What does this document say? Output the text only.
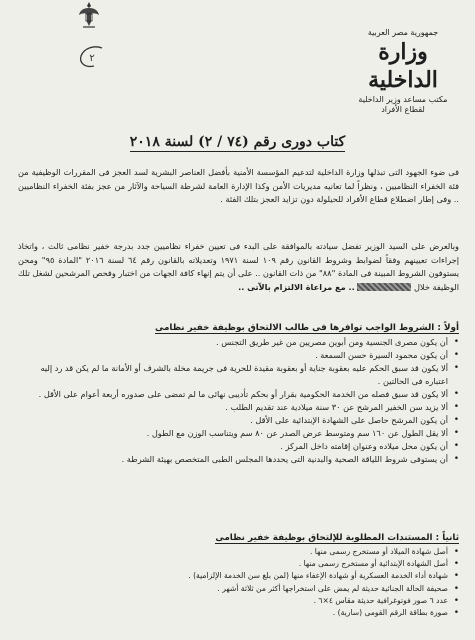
جمهورية مصر العربية
وزارة الداخلية
مكتب مساعد وزير الداخلية
لقطاع الأفراد
٢
كتاب دورى رقم (٧٤ / ٢) لسنة ٢٠١٨
فى ضوء الجهود التى تبذلها وزارة الداخلية لتدعيم المؤسسة الأمنية بأفضل العناصر البشرية لسد العجز فى المقررات الوظيفية من فئة الخفراء النظاميين ، ونظراً لما تعانيه مديريات الأمن وكذا الإدارة العامة لشرطة السياحة والآثار من عجز بفئة الخفراء النظاميين .. وفى إطار اضطلاع قطاع الأفراد للحيلولة دون تزايد العجز بتلك الفئة .
وبالعرض على السيد الوزير تفضل سيادته بالموافقة على البدء فى تعيين خفراء نظاميين جدد بدرجة خفير نظامى ثالث ، واتخاذ إجراءات تعيينهم وفقاً لضوابط وشروط القانون رقم ١٠٩ لسنة ١٩٧١ وتعديلاته بالقانون رقم ٦٤ لسنة ٢٠١٦ "المادة ٩٥" ومحن يستوفون الشروط المبينة فى المادة "٨٨" من ذات القانون .. على أن يتم إنهاء كافة الجهات من اختبار وفحص المرشحين لشغل تلك الوظيفة خلال  .. مع مراعاة الالتزام بالآتى ..
أولاً : الشروط الواجب توافرها فى طالب الالتحاق بوظيفة خفير نظامى
• أن يكون مصرى الجنسية ومن أبوين مصريين من غير طريق التجنس .
• أن يكون محمود السيرة حسن السمعة .
• ألا يكون قد سبق الحكم عليه بعقوبة جناية أو بعقوبة مقيدة للحرية فى جريمة مخلة بالشرف أو الأمانة ما لم يكن قد رد إليه اعتباره فى الحالتين .
• ألا يكون قد سبق فصله من الخدمة الحكومية بقرار أو بحكم تأديبى نهائى ما لم تمضى على صدوره أربعة أعوام على الأقل .
• ألا يزيد سن الخفير المرشح عن ٣٠ سنة ميلادية عند تقديم الطلب .
• أن يكون المرشح حاصل على الشهادة الإبتدائية على الأقل .
• ألا يقل الطول عن ١٦٠ سم ومتوسط عرض الصدر عن ٨٠ سم ويتناسب الوزن مع الطول .
• أن يكون محل ميلاده وعنوان إقامته داخل المركز .
• أن يستوفى شروط اللياقة الصحية والبدنية التى يحددها المجلس الطبى المتخصص بهيئة الشرطة .
ثانياً : المستندات المطلوبة للإلتحاق بوظيفة خفير نظامى
• أصل شهادة الميلاد أو مستخرج رسمى منها .
• أصل الشهادة الإبتدائية أو مستخرج رسمى منها .
• شهادة أداء الخدمة العسكرية أو شهادة الإعفاء منها (لمن بلغ سن الخدمة الإلزامية) .
• صحيفة الحالة الجنائية حديثة لم يمض على استخراجها أكثر من ثلاثة أشهر .
• عدد ٦ صور فوتوغرافية حديثة مقاس ٤×٦ .
• صورة بطاقة الرقم القومى (سارية) .
